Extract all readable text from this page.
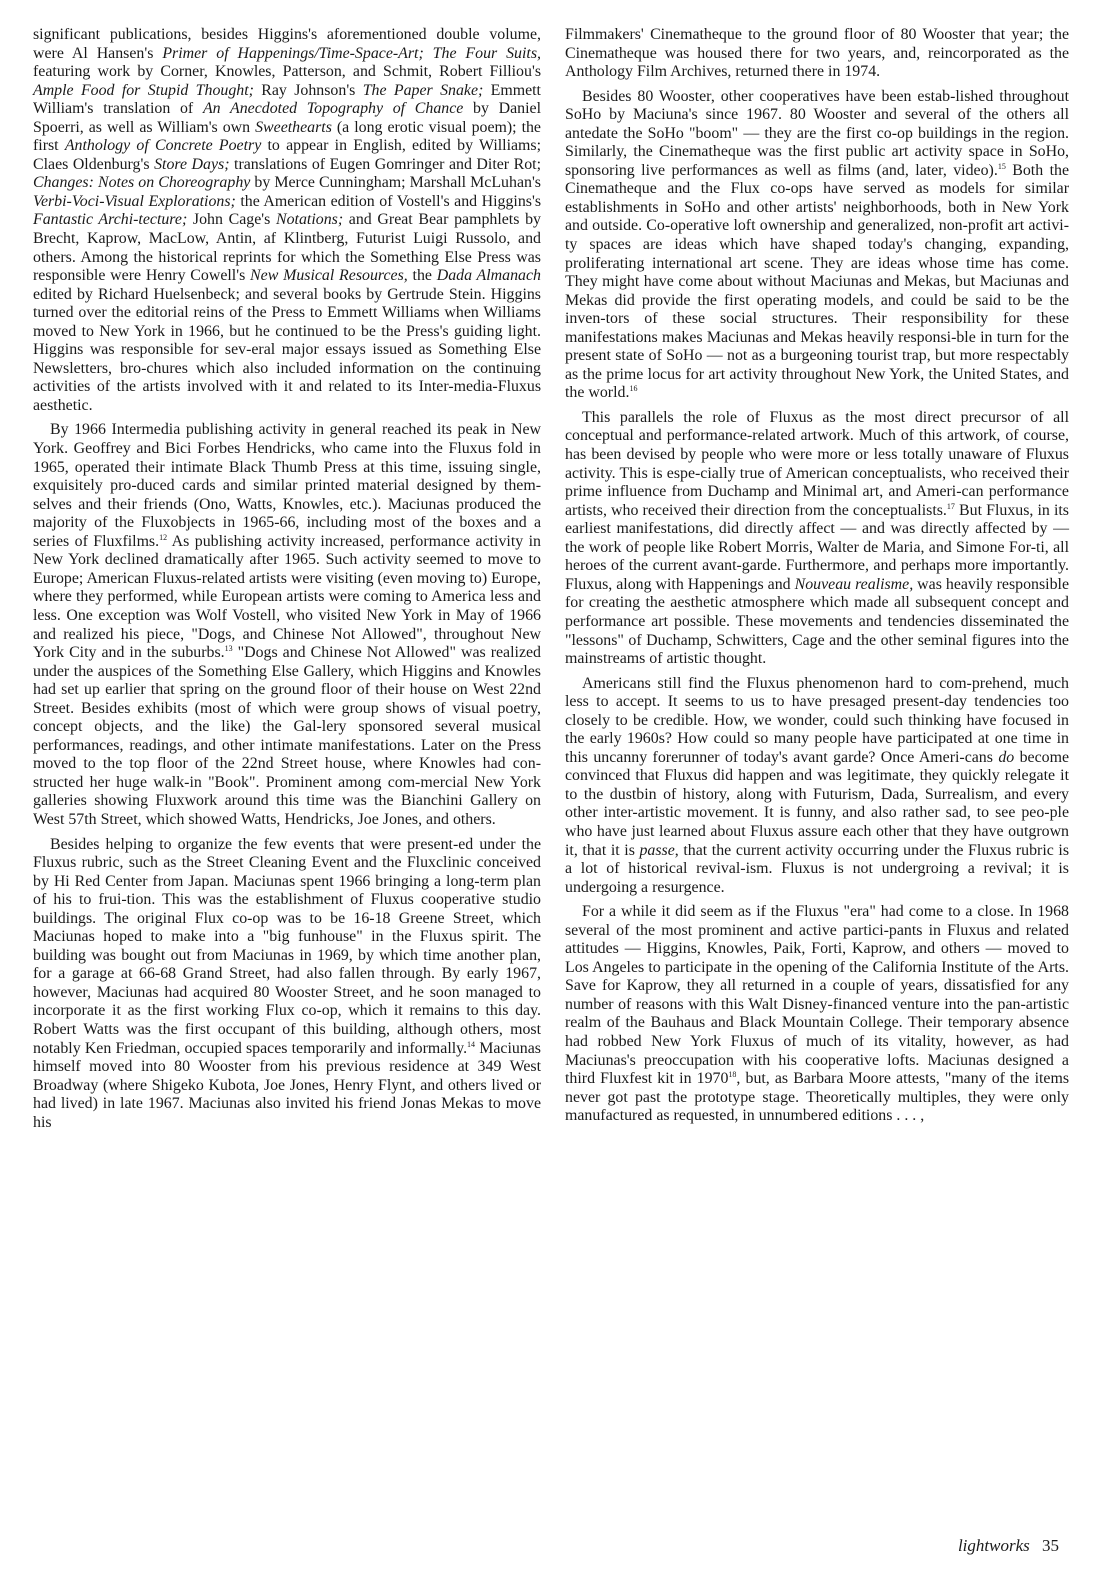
significant publications, besides Higgins's aforementioned double volume, were Al Hansen's Primer of Happenings/Time-Space-Art; The Four Suits, featuring work by Corner, Knowles, Patterson, and Schmit, Robert Filliou's Ample Food for Stupid Thought; Ray Johnson's The Paper Snake; Emmett William's translation of An Anecdoted Topography of Chance by Daniel Spoerri, as well as William's own Sweethearts (a long erotic visual poem); the first Anthology of Concrete Poetry to appear in English, edited by Williams; Claes Oldenburg's Store Days; translations of Eugen Gomringer and Diter Rot; Changes: Notes on Choreography by Merce Cunningham; Marshall McLuhan's Verbi-Voci-Visual Explorations; the American edition of Vostell's and Higgins's Fantastic Archi-tecture; John Cage's Notations; and Great Bear pamphlets by Brecht, Kaprow, MacLow, Antin, af Klintberg, Futurist Luigi Russolo, and others. Among the historical reprints for which the Something Else Press was responsible were Henry Cowell's New Musical Resources, the Dada Almanach edited by Richard Huelsenbeck; and several books by Gertrude Stein. Higgins turned over the editorial reins of the Press to Emmett Williams when Williams moved to New York in 1966, but he continued to be the Press's guiding light. Higgins was responsible for sev-eral major essays issued as Something Else Newsletters, bro-chures which also included information on the continuing activities of the artists involved with it and related to its Inter-media-Fluxus aesthetic.

By 1966 Intermedia publishing activity in general reached its peak in New York. Geoffrey and Bici Forbes Hendricks, who came into the Fluxus fold in 1965, operated their intimate Black Thumb Press at this time, issuing single, exquisitely pro-duced cards and similar printed material designed by them-selves and their friends (Ono, Watts, Knowles, etc.). Maciunas produced the majority of the Fluxobjects in 1965-66, including most of the boxes and a series of Fluxfilms.$^{12}$ As publishing activity increased, performance activity in New York declined dramatically after 1965. Such activity seemed to move to Europe; American Fluxus-related artists were visiting (even moving to) Europe, where they performed, while European artists were coming to America less and less. One exception was Wolf Vostell, who visited New York in May of 1966 and realized his piece, "Dogs, and Chinese Not Allowed", throughout New York City and in the suburbs.$^{13}$ "Dogs and Chinese Not Allowed" was realized under the auspices of the Something Else Gallery, which Higgins and Knowles had set up earlier that spring on the ground floor of their house on West 22nd Street. Besides exhibits (most of which were group shows of visual poetry, concept objects, and the like) the Gal-lery sponsored several musical performances, readings, and other intimate manifestations. Later on the Press moved to the top floor of the 22nd Street house, where Knowles had con-structed her huge walk-in "Book". Prominent among com-mercial New York galleries showing Fluxwork around this time was the Bianchini Gallery on West 57th Street, which showed Watts, Hendricks, Joe Jones, and others.

Besides helping to organize the few events that were present-ed under the Fluxus rubric, such as the Street Cleaning Event and the Fluxclinic conceived by Hi Red Center from Japan. Maciunas spent 1966 bringing a long-term plan of his to frui-tion. This was the establishment of Fluxus cooperative studio buildings. The original Flux co-op was to be 16-18 Greene Street, which Maciunas hoped to make into a "big funhouse" in the Fluxus spirit. The building was bought out from Maciunas in 1969, by which time another plan, for a garage at 66-68 Grand Street, had also fallen through. By early 1967, however, Maciunas had acquired 80 Wooster Street, and he soon managed to incorporate it as the first working Flux co-op, which it remains to this day. Robert Watts was the first occupant of this building, although others, most notably Ken Friedman, occupied spaces temporarily and informally.$^{14}$ Maciunas himself moved into 80 Wooster from his previous residence at 349 West Broadway (where Shigeko Kubota, Joe Jones, Henry Flynt, and others lived or had lived) in late 1967. Maciunas also invited his friend Jonas Mekas to move his

Filmmakers' Cinematheque to the ground floor of 80 Wooster that year; the Cinematheque was housed there for two years, and, reincorporated as the Anthology Film Archives, returned there in 1974.

Besides 80 Wooster, other cooperatives have been estab-lished throughout SoHo by Maciuna's since 1967. 80 Wooster and several of the others all antedate the SoHo "boom" — they are the first co-op buildings in the region. Similarly, the Cinematheque was the first public art activity space in SoHo, sponsoring live performances as well as films (and, later, video).$^{15}$ Both the Cinematheque and the Flux co-ops have served as models for similar establishments in SoHo and other artists' neighborhoods, both in New York and outside. Co-operative loft ownership and generalized, non-profit art activi-ty spaces are ideas which have shaped today's changing, expanding, proliferating international art scene. They are ideas whose time has come. They might have come about without Maciunas and Mekas, but Maciunas and Mekas did provide the first operating models, and could be said to be the inven-tors of these social structures. Their responsibility for these manifestations makes Maciunas and Mekas heavily responsi-ble in turn for the present state of SoHo — not as a burgeoning tourist trap, but more respectably as the prime locus for art activity throughout New York, the United States, and the world.$^{16}$

This parallels the role of Fluxus as the most direct precursor of all conceptual and performance-related artwork. Much of this artwork, of course, has been devised by people who were more or less totally unaware of Fluxus activity. This is espe-cially true of American conceptualists, who received their prime influence from Duchamp and Minimal art, and Ameri-can performance artists, who received their direction from the conceptualists.$^{17}$ But Fluxus, in its earliest manifestations, did directly affect — and was directly affected by — the work of people like Robert Morris, Walter de Maria, and Simone For-ti, all heroes of the current avant-garde. Furthermore, and perhaps more importantly. Fluxus, along with Happenings and Nouveau realisme, was heavily responsible for creating the aesthetic atmosphere which made all subsequent concept and performance art possible. These movements and tendencies disseminated the "lessons" of Duchamp, Schwitters, Cage and the other seminal figures into the mainstreams of artistic thought.

Americans still find the Fluxus phenomenon hard to com-prehend, much less to accept. It seems to us to have presaged present-day tendencies too closely to be credible. How, we wonder, could such thinking have focused in the early 1960s? How could so many people have participated at one time in this uncanny forerunner of today's avant garde? Once Ameri-cans do become convinced that Fluxus did happen and was legitimate, they quickly relegate it to the dustbin of history, along with Futurism, Dada, Surrealism, and every other inter-artistic movement. It is funny, and also rather sad, to see peo-ple who have just learned about Fluxus assure each other that they have outgrown it, that it is passe, that the current activity occurring under the Fluxus rubric is a lot of historical revival-ism. Fluxus is not undergroing a revival; it is undergoing a resurgence.

For a while it did seem as if the Fluxus "era" had come to a close. In 1968 several of the most prominent and active partici-pants in Fluxus and related attitudes — Higgins, Knowles, Paik, Forti, Kaprow, and others — moved to Los Angeles to participate in the opening of the California Institute of the Arts. Save for Kaprow, they all returned in a couple of years, dissatisfied for any number of reasons with this Walt Disney-financed venture into the pan-artistic realm of the Bauhaus and Black Mountain College. Their temporary absence had robbed New York Fluxus of much of its vitality, however, as had Maciunas's preoccupation with his cooperative lofts. Maciunas designed a third Fluxfest kit in 1970$^{18}$, but, as Barbara Moore attests, "many of the items never got past the prototype stage. Theoretically multiples, they were only manufactured as requested, in unnumbered editions . . . ,

lightworks 35
